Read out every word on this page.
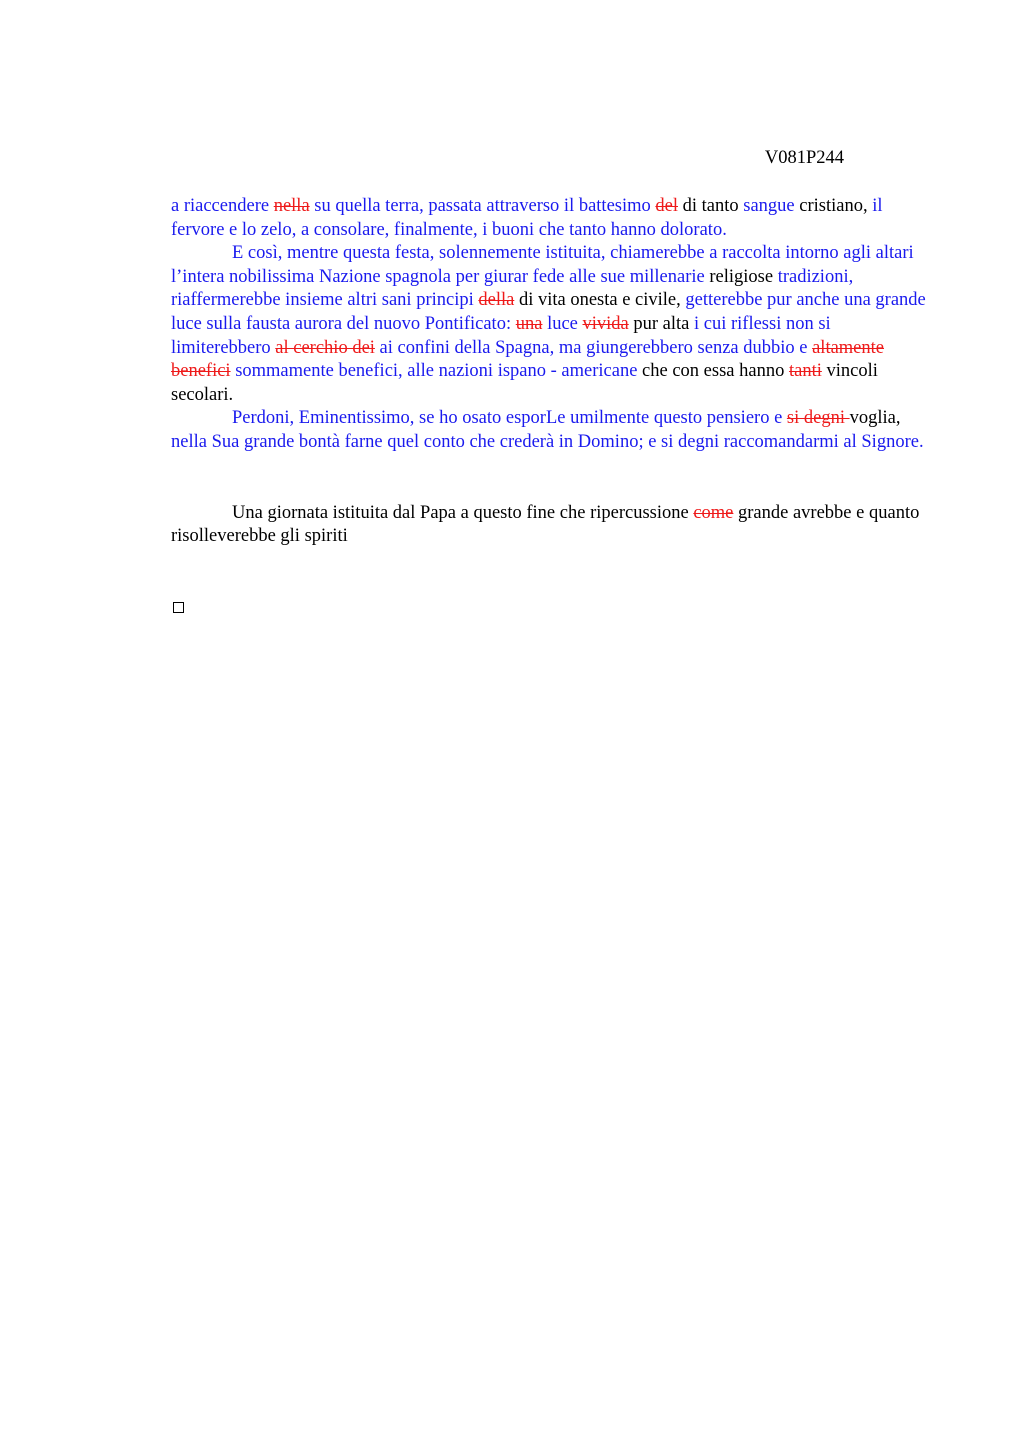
V081P244

a riaccendere nella su quella terra, passata attraverso il battesimo del di tanto sangue cristiano, il fervore e lo zelo, a consolare, finalmente, i buoni che tanto hanno dolorato.

E così, mentre questa festa, solennemente istituita, chiamerebbe a raccolta intorno agli altari l’intera nobilissima Nazione spagnola per giurar fede alle sue millenarie religiose tradizioni, riaffermerebbe insieme altri sani principi della di vita onesta e civile, getterebbe pur anche una grande luce sulla fausta aurora del nuovo Pontificato: una luce vivida pur alta i cui riflessi non si limiterebbero al cerchio dei ai confini della Spagna, ma giungerebbero senza dubbio e altamente benefici sommamente benefici, alle nazioni ispano - americane che con essa hanno tanti vincoli secolari.

Perdoni, Eminentissimo, se ho osato esporLe umilmente questo pensiero e si degni voglia, nella Sua grande bontà farne quel conto che crederà in Domino; e si degni raccomandarmi al Signore.

Una giornata istituita dal Papa a questo fine che ripercussione come grande avrebbe e quanto risolleverebbe gli spiriti
